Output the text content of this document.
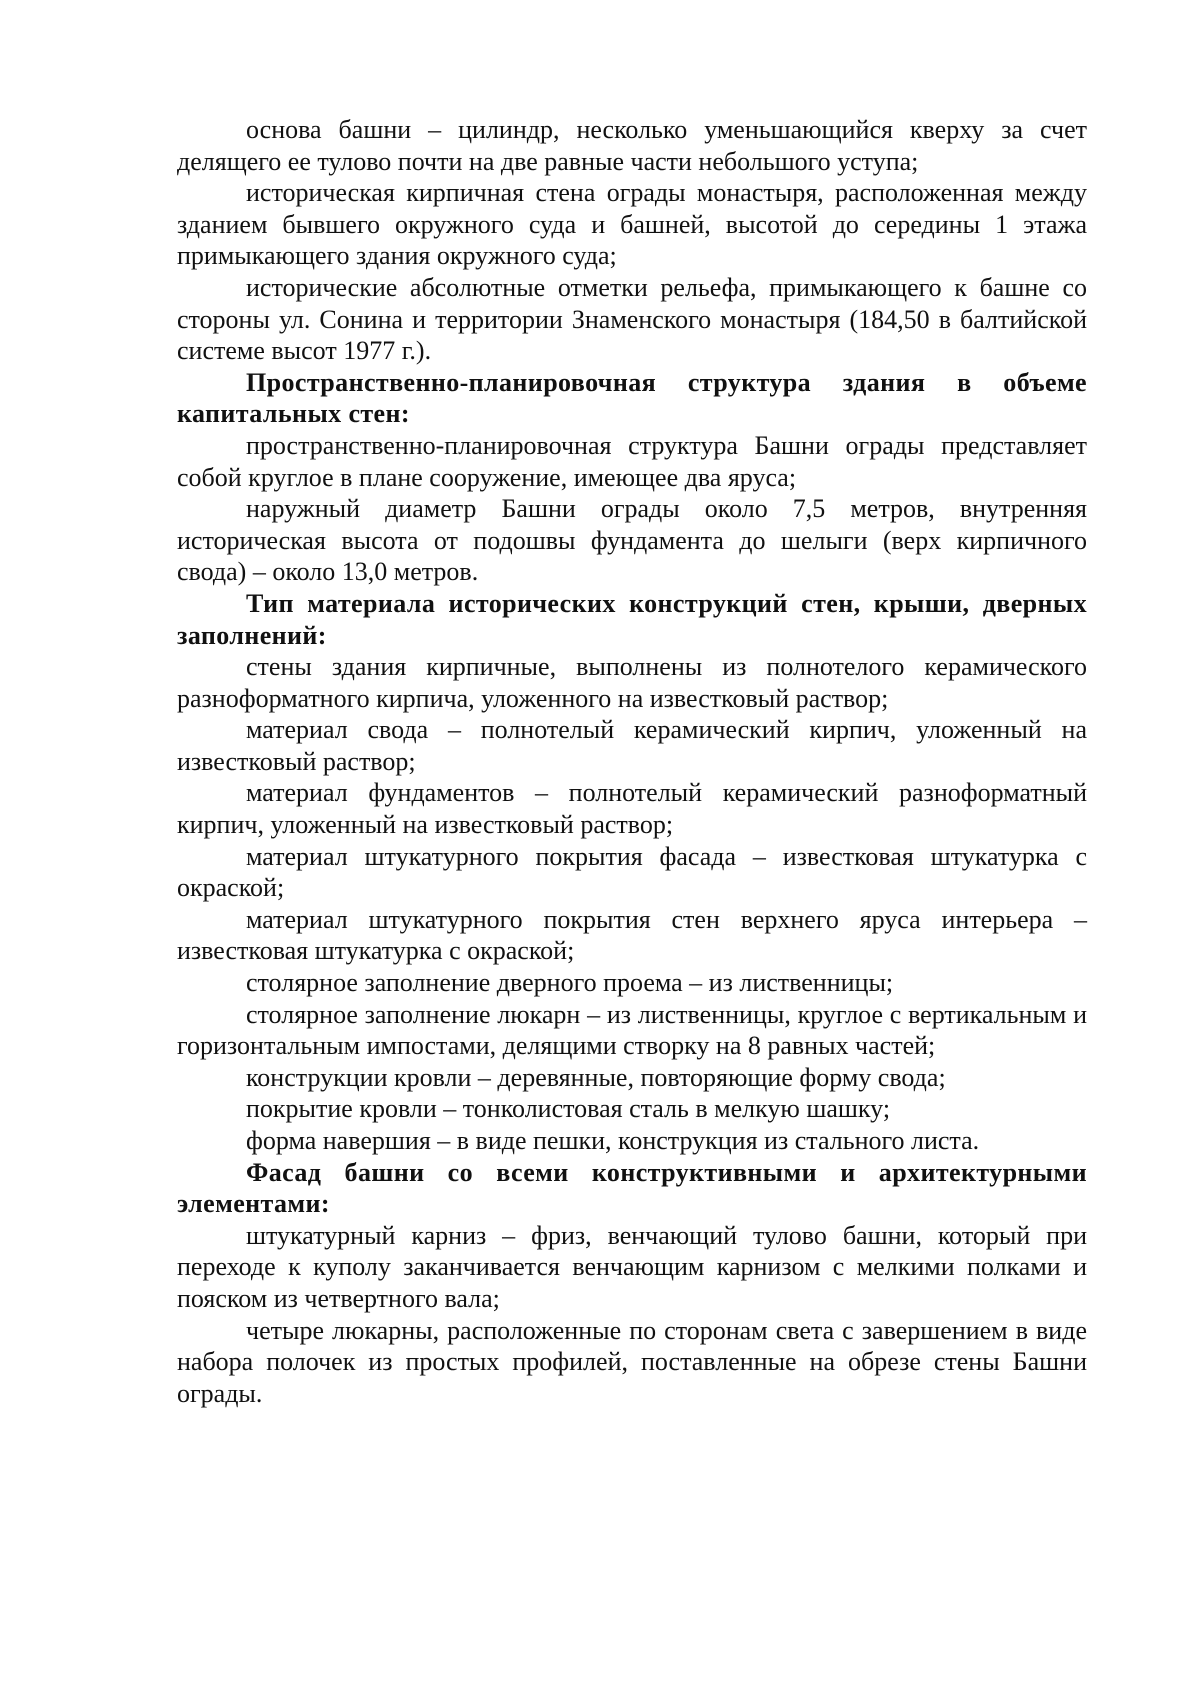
основа башни – цилиндр, несколько уменьшающийся кверху за счет делящего ее тулово почти на две равные части небольшого уступа;

историческая кирпичная стена ограды монастыря, расположенная между зданием бывшего окружного суда и башней, высотой до середины 1 этажа примыкающего здания окружного суда;

исторические абсолютные отметки рельефа, примыкающего к башне со стороны ул. Сонина и территории Знаменского монастыря (184,50 в балтийской системе высот 1977 г.).

Пространственно-планировочная структура здания в объеме капитальных стен:

пространственно-планировочная структура Башни ограды представляет собой круглое в плане сооружение, имеющее два яруса;

наружный диаметр Башни ограды около 7,5 метров, внутренняя историческая высота от подошвы фундамента до шелыги (верх кирпичного свода) – около 13,0 метров.

Тип материала исторических конструкций стен, крыши, дверных заполнений:

стены здания кирпичные, выполнены из полнотелого керамического разноформатного кирпича, уложенного на известковый раствор;

материал свода – полнотелый керамический кирпич, уложенный на известковый раствор;

материал фундаментов – полнотелый керамический разноформатный кирпич, уложенный на известковый раствор;

материал штукатурного покрытия фасада – известковая штукатурка с окраской;

материал штукатурного покрытия стен верхнего яруса интерьера – известковая штукатурка с окраской;

столярное заполнение дверного проема – из лиственницы;

столярное заполнение люкарн – из лиственницы, круглое с вертикальным и горизонтальным импостами, делящими створку на 8 равных частей;

конструкции кровли – деревянные, повторяющие форму свода;

покрытие кровли – тонколистовая сталь в мелкую шашку;

форма навершия – в виде пешки, конструкция из стального листа.

Фасад башни со всеми конструктивными и архитектурными элементами:

штукатурный карниз – фриз, венчающий тулово башни, который при переходе к куполу заканчивается венчающим карнизом с мелкими полками и пояском из четвертного вала;

четыре люкарны, расположенные по сторонам света с завершением в виде набора полочек из простых профилей, поставленные на обрезе стены Башни ограды.
